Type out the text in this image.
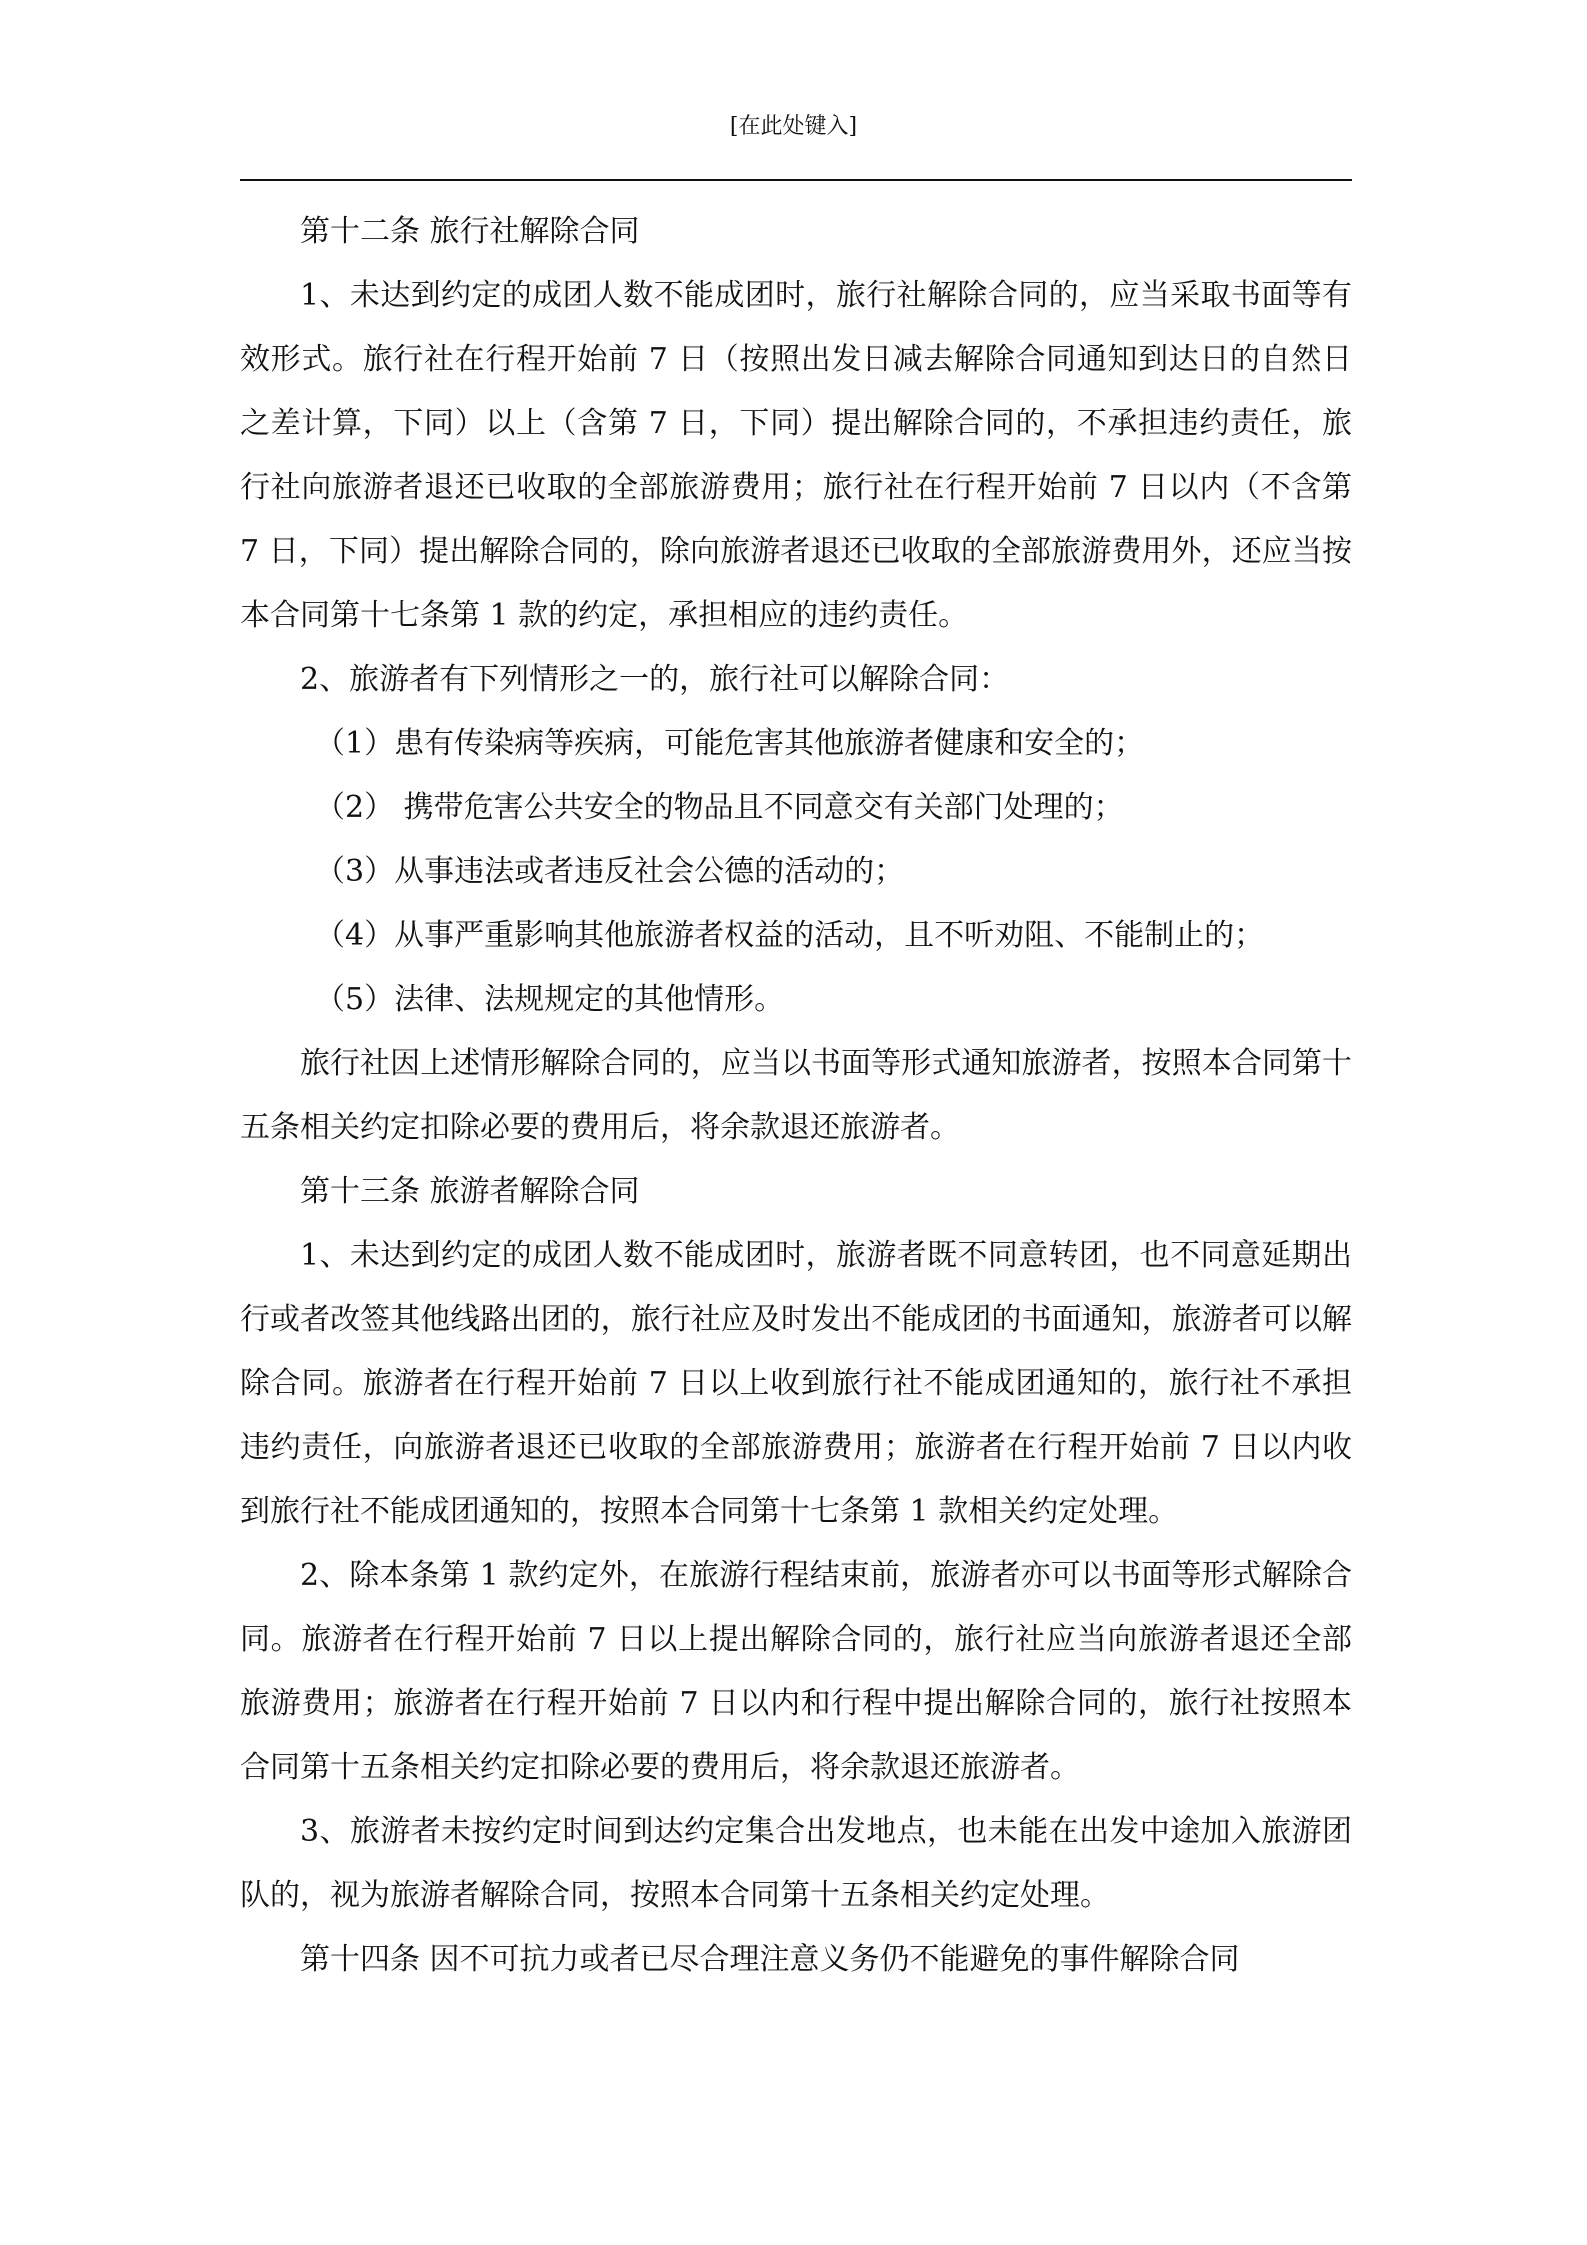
[在此处键入]

第十二条 旅行社解除合同

1、未达到约定的成团人数不能成团时，旅行社解除合同的，应当采取书面等有效形式。旅行社在行程开始前 7 日（按照出发日减去解除合同通知到达日的自然日之差计算，下同）以上（含第 7 日，下同）提出解除合同的，不承担违约责任，旅行社向旅游者退还已收取的全部旅游费用；旅行社在行程开始前 7 日以内（不含第 7 日，下同）提出解除合同的，除向旅游者退还已收取的全部旅游费用外，还应当按本合同第十七条第 1 款的约定，承担相应的违约责任。

2、旅游者有下列情形之一的，旅行社可以解除合同：

（1）患有传染病等疾病，可能危害其他旅游者健康和安全的；

（2） 携带危害公共安全的物品且不同意交有关部门处理的；

（3）从事违法或者违反社会公德的活动的；

（4）从事严重影响其他旅游者权益的活动，且不听劝阻、不能制止的；

（5）法律、法规规定的其他情形。

旅行社因上述情形解除合同的，应当以书面等形式通知旅游者，按照本合同第十五条相关约定扣除必要的费用后，将余款退还旅游者。

第十三条 旅游者解除合同

1、未达到约定的成团人数不能成团时，旅游者既不同意转团，也不同意延期出行或者改签其他线路出团的，旅行社应及时发出不能成团的书面通知，旅游者可以解除合同。旅游者在行程开始前 7 日以上收到旅行社不能成团通知的，旅行社不承担违约责任，向旅游者退还已收取的全部旅游费用；旅游者在行程开始前 7 日以内收到旅行社不能成团通知的，按照本合同第十七条第 1 款相关约定处理。

2、除本条第 1 款约定外，在旅游行程结束前，旅游者亦可以书面等形式解除合同。旅游者在行程开始前 7 日以上提出解除合同的，旅行社应当向旅游者退还全部旅游费用；旅游者在行程开始前 7 日以内和行程中提出解除合同的，旅行社按照本合同第十五条相关约定扣除必要的费用后，将余款退还旅游者。

3、旅游者未按约定时间到达约定集合出发地点，也未能在出发中途加入旅游团队的，视为旅游者解除合同，按照本合同第十五条相关约定处理。

第十四条 因不可抗力或者已尽合理注意义务仍不能避免的事件解除合同
